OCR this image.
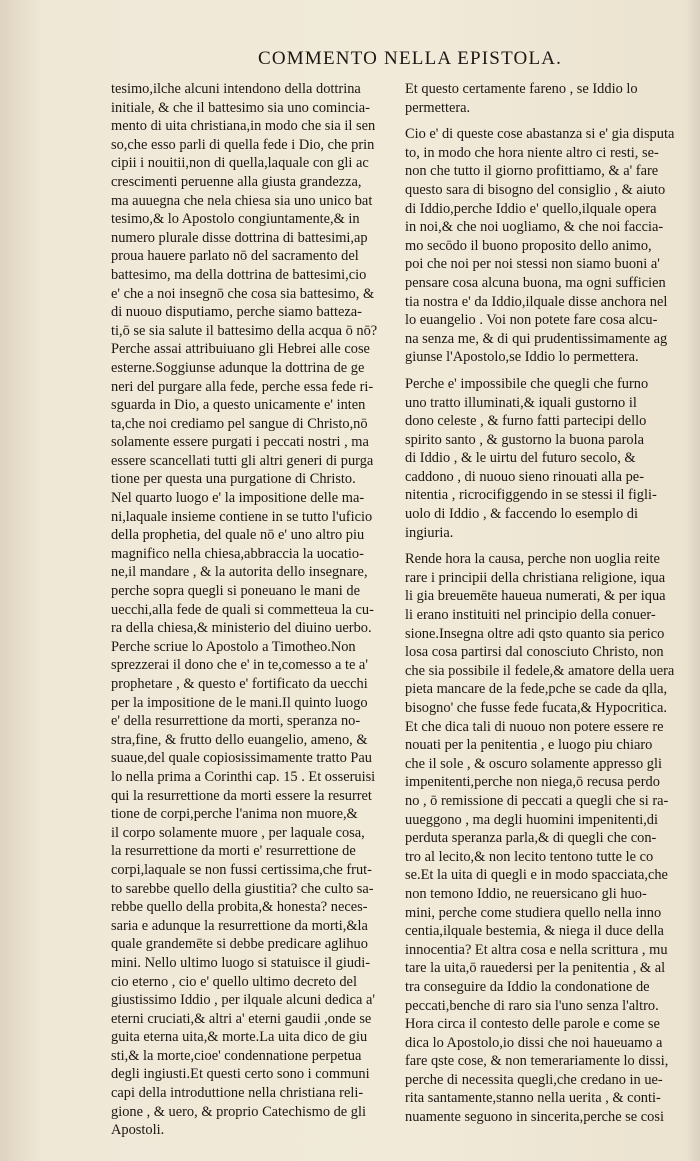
COMMENTO NELLA EPISTOLA.
tesimo,ilche alcuni intendono della dottrina
initiale, & che il battesimo sia uno comincia-
mento di uita christiana,in modo che sia il sen
so,che esso parli di quella fede i Dio, che prin
cipii i nouitii,non di quella,laquale con gli ac
crescimenti peruenne alla giusta grandezza,
ma auuegna che nela chiesa sia uno unico bat
tesimo,& lo Apostolo congiuntamente,& in
numero plurale disse dottrina di battesimi,ap
proua hauere parlato nō del sacramento del
battesimo, ma della dottrina de battesimi,cio
e' che a noi insegnō che cosa sia battesimo, &
di nuouo disputiamo, perche siamo batteza-
ti,ō se sia salute il battesimo della acqua ō nō?
Perche assai attribuiuano gli Hebrei alle cose
esterne.Soggiunse adunque la dottrina de ge
neri del purgare alla fede, perche essa fede ri-
sguarda in Dio, a questo unicamente e' inten
ta,che noi crediamo pel sangue di Christo,nō
solamente essere purgati i peccati nostri , ma
essere scancellati tutti gli altri generi di purga
tione per questa una purgatione di Christo.
Nel quarto luogo e' la impositione delle ma-
ni,laquale insieme contiene in se tutto l'uficio
della prophetia, del quale nō e' uno altro piu
magnifico nella chiesa,abbraccia la uocatio-
ne,il mandare , & la autorita dello insegnare,
perche sopra quegli si poneuano le mani de
uecchi,alla fede de quali si commetteua la cu-
ra della chiesa,& ministerio del diuino uerbo.
Perche scriue lo Apostolo a Timotheo.Non
sprezzerai il dono che e' in te,comesso a te a'
prophetare , & questo e' fortificato da uecchi
per la impositione de le mani.Il quinto luogo
e' della resurrettione da morti, speranza no-
stra,fine, & frutto dello euangelio, ameno, &
suaue,del quale copiosissimamente tratto Pau
lo nella prima a Corinthi cap. 15 . Et osseruisi
qui la resurrettione da morti essere la resurret
tione de corpi,perche l'anima non muore,&
il corpo solamente muore , per laquale cosa,
la resurrettione da morti e' resurrettione de
corpi,laquale se non fussi certissima,che frut-
to sarebbe quello della giustitia? che culto sa-
rebbe quello della probita,& honesta? neces-
saria e adunque la resurrettione da morti,&la
quale grandemēte si debbe predicare aglihuo
mini. Nello ultimo luogo si statuisce il giudi-
cio eterno , cio e' quello ultimo decreto del
giustissimo Iddio , per ilquale alcuni dedica a'
eterni cruciati,& altri a' eterni gaudii ,onde se
guita eterna uita,& morte.La uita dico de giu
sti,& la morte,cioe' condennatione perpetua
degli ingiusti.Et questi certo sono i communi
capi della introduttione nella christiana reli-
gione , & uero, & proprio Catechismo de gli
Apostoli.
Et questo certamente fareno , se Iddio lo
permettera.
Cio e' di queste cose abastanza si e' gia disputa
to, in modo che hora niente altro ci resti, se-
non che tutto il giorno profittiamo, & a' fare
questo sara di bisogno del consiglio , & aiuto
di Iddio,perche Iddio e' quello,ilquale opera
in noi,& che noi uogliamo, & che noi faccia-
mo secōdo il buono proposito dello animo,
poi che noi per noi stessi non siamo buoni a'
pensare cosa alcuna buona, ma ogni sufficien
tia nostra e' da Iddio,ilquale disse anchora nel
lo euangelio . Voi non potete fare cosa alcu-
na senza me, & di qui prudentissimamente ag
giunse l'Apostolo,se Iddio lo permettera.
Perche e' impossibile che quegli che furno
uno tratto illuminati,& iquali gustorno il
dono celeste , & furno fatti partecipi dello
spirito santo , & gustorno la buona parola
di Iddio , & le uirtu del futuro secolo, &
caddono , di nuouo sieno rinouati alla pe-
nitentia , ricrocifiggendo in se stessi il figli-
uolo di Iddio , & faccendo lo esemplo di
ingiuria.
Rende hora la causa, perche non uoglia reite
rare i principii della christiana religione, iqua
li gia breuemēte haueua numerati, & per iqua
li erano instituiti nel principio della conuer-
sione.Insegna oltre adi qsto quanto sia perico
losa cosa partirsi dal conosciuto Christo, non
che sia possibile il fedele,& amatore della uera
pieta mancare de la fede,pche se cade da qlla,
bisogno' che fusse fede fucata,& Hypocritica.
Et che dica tali di nuouo non potere essere re
nouati per la penitentia , e luogo piu chiaro
che il sole , & oscuro solamente appresso gli
impenitenti,perche non niega,ō recusa perdo
no , ō remissione di peccati a quegli che si ra-
uueggono , ma degli huomini impenitenti,di
perduta speranza parla,& di quegli che con-
tro al lecito,& non lecito tentono tutte le co
se.Et la uita di quegli e in modo spacciata,che
non temono Iddio, ne reuersicano gli huo-
mini, perche come studiera quello nella inno
centia,ilquale bestemia, & niega il duce della
innocentia? Et altra cosa e nella scrittura , mu
tare la uita,ō rauedersi per la penitentia , & al
tra conseguire da Iddio la condonatione de
peccati,benche di raro sia l'uno senza l'altro.
Hora circa il contesto delle parole e come se
dica lo Apostolo,io dissi che noi haueuamo a
fare qste cose, & non temerariamente lo dissi,
perche di necessita quegli,che credano in ue-
rita santamente,stanno nella uerita , & conti-
nuamente seguono in sincerita,perche se cosi
